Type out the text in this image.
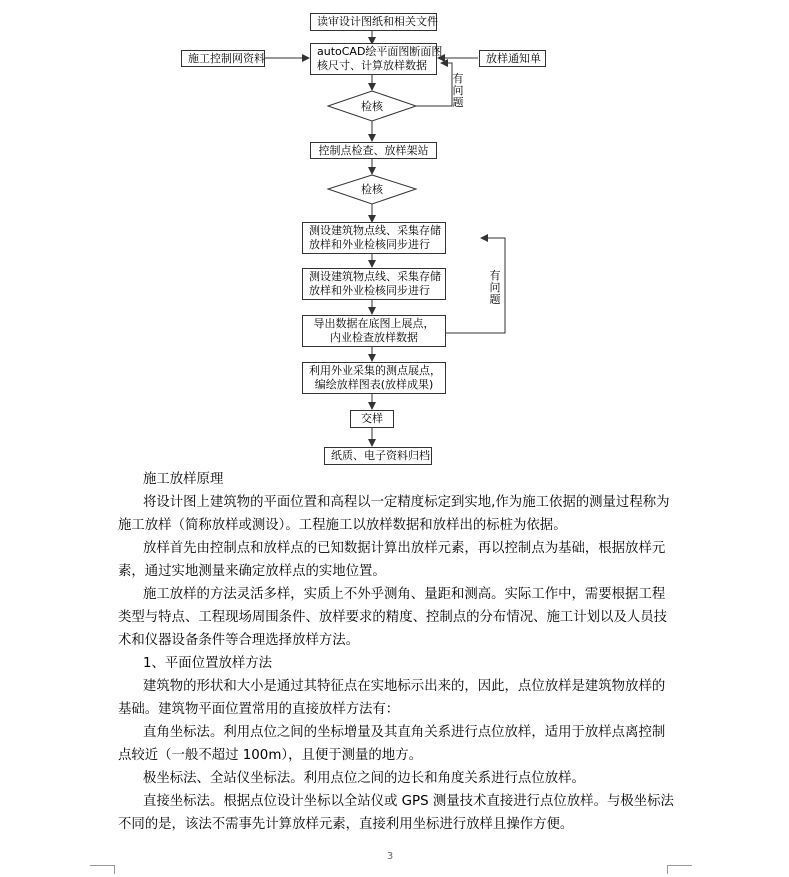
检核
检核
读审设计图纸和相关文件
autoCAD绘平面图断面图
核尺寸、计算放样数据
施工控制网资料	放样通知单
有问题
控制点检查、放样架站
测设建筑物点线、采集存储
放样和外业检核同步进行
测设建筑物点线、采集存储
放样和外业检核同步进行
有问题
导出数据在底图上展点，
内业检查放样数据
利用外业采集的测点展点，
编绘放样图表(放样成果)
交样
纸质、电子资料归档

施工放样原理

将设计图上建筑物的平面位置和高程以一定精度标定到实地,作为施工依据的测量过程称为施工放样（简称放样或测设）。工程施工以放样数据和放样出的标桩为依据。

放样首先由控制点和放样点的已知数据计算出放样元素，再以控制点为基础，根据放样元素，通过实地测量来确定放样点的实地位置。

施工放样的方法灵活多样，实质上不外乎测角、量距和测高。实际工作中，需要根据工程类型与特点、工程现场周围条件、放样要求的精度、控制点的分布情况、施工计划以及人员技术和仪器设备条件等合理选择放样方法。

1、平面位置放样方法

建筑物的形状和大小是通过其特征点在实地标示出来的，因此，点位放样是建筑物放样的基础。建筑物平面位置常用的直接放样方法有：

直角坐标法。利用点位之间的坐标增量及其直角关系进行点位放样，适用于放样点离控制点较近（一般不超过 100m），且便于测量的地方。

极坐标法、全站仪坐标法。利用点位之间的边长和角度关系进行点位放样。

直接坐标法。根据点位设计坐标以全站仪或 GPS 测量技术直接进行点位放样。与极坐标法不同的是，该法不需事先计算放样元素，直接利用坐标进行放样且操作方便。

3
